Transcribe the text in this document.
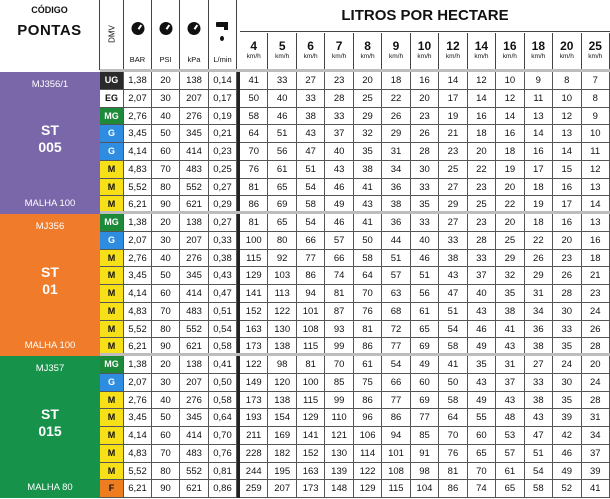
CÓDIGO
PONTAS	DMV
BAR	PSI	kPa	L/min
LITROS POR HECTARE
4
km/h
5
km/h
6
km/h
7
km/h
8
km/h
9
km/h
10
km/h
12
km/h
14
km/h
16
km/h
18
km/h
20
km/h
25
km/h
MJ356/1
ST
005
MALHA 100
UG	1,38	20	138	0,14	41	33	27	23	20	18	16	14	12	10	9	8	7
EG	2,07	30	207	0,17	50	40	33	28	25	22	20	17	14	12	11	10	8
MG	2,76	40	276	0,19	58	46	38	33	29	26	23	19	16	14	13	12	9
G	3,45	50	345	0,21	64	51	43	37	32	29	26	21	18	16	14	13	10
G	4,14	60	414	0,23	70	56	47	40	35	31	28	23	20	18	16	14	11
M	4,83	70	483	0,25	76	61	51	43	38	34	30	25	22	19	17	15	12
M	5,52	80	552	0,27	81	65	54	46	41	36	33	27	23	20	18	16	13
M	6,21	90	621	0,29	86	69	58	49	43	38	35	29	25	22	19	17	14
MJ356
ST
01
MALHA 100
MG	1,38	20	138	0,27	81	65	54	46	41	36	33	27	23	20	18	16	13
G	2,07	30	207	0,33	100	80	66	57	50	44	40	33	28	25	22	20	16
M	2,76	40	276	0,38	115	92	77	66	58	51	46	38	33	29	26	23	18
M	3,45	50	345	0,43	129	103	86	74	64	57	51	43	37	32	29	26	21
M	4,14	60	414	0,47	141	113	94	81	70	63	56	47	40	35	31	28	23
M	4,83	70	483	0,51	152	122	101	87	76	68	61	51	43	38	34	30	24
M	5,52	80	552	0,54	163	130	108	93	81	72	65	54	46	41	36	33	26
M	6,21	90	621	0,58	173	138	115	99	86	77	69	58	49	43	38	35	28
MJ357
ST
015
MALHA 80
MG	1,38	20	138	0,41	122	98	81	70	61	54	49	41	35	31	27	24	20
G	2,07	30	207	0,50	149	120	100	85	75	66	60	50	43	37	33	30	24
M	2,76	40	276	0,58	173	138	115	99	86	77	69	58	49	43	38	35	28
M	3,45	50	345	0,64	193	154	129	110	96	86	77	64	55	48	43	39	31
M	4,14	60	414	0,70	211	169	141	121	106	94	85	70	60	53	47	42	34
M	4,83	70	483	0,76	228	182	152	130	114	101	91	76	65	57	51	46	37
M	5,52	80	552	0,81	244	195	163	139	122	108	98	81	70	61	54	49	39
F	6,21	90	621	0,86	259	207	173	148	129	115	104	86	74	65	58	52	41
